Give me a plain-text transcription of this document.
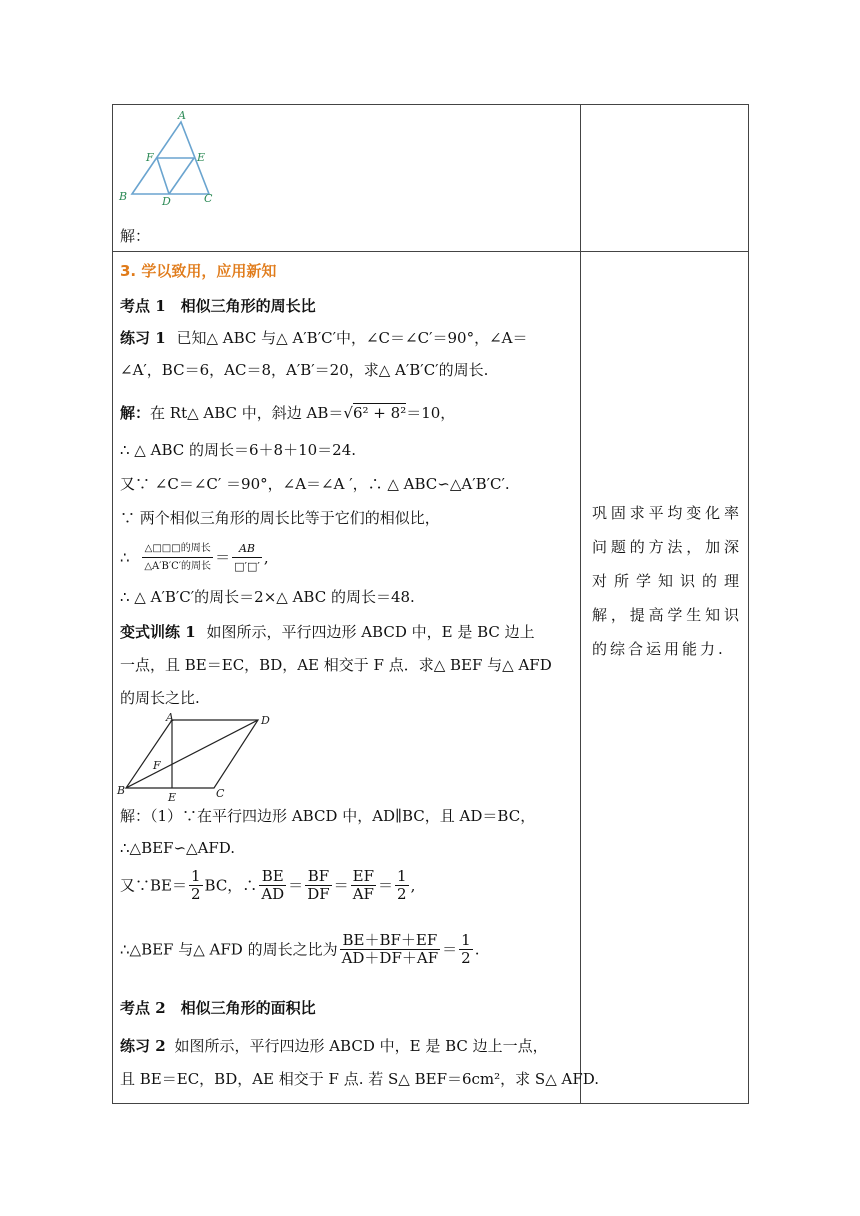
A
F	E
B	D	C
解：
3. 学以致用，应用新知
考点 1　相似三角形的周长比
练习 1 已知△ ABC 与△ A′B′C′中，∠C＝∠C′＝90°，∠A＝
∠A′，BC＝6，AC＝8，A′B′＝20，求△ A′B′C′的周长.
解：在 Rt△ ABC 中，斜边 AB＝√6² + 8²＝10，
∴ △ ABC 的周长＝6＋8＋10＝24.
又∵ ∠C＝∠C′ ＝90°，∠A＝∠A ′，∴ △ ABC∽△A′B′C′.
∵ 两个相似三角形的周长比等于它们的相似比，
∴ $\frac{\text{△□□□的周长}}{\text{△A′B′C′的周长}} = \frac{AB}{□'□'}$ ,
∴ △ A′B′C′的周长＝2×△ ABC 的周长＝48.
变式训练 1 如图所示，平行四边形 ABCD 中，E 是 BC 边上
一点，且 BE＝EC，BD，AE 相交于 F 点．求△ BEF 与△ AFD
的周长之比.
A	D
F
B
E	C
解：（1）∵在平行四边形 ABCD 中，AD∥BC，且 AD＝BC，
∴△BEF∽△AFD.
又∵BE＝ $\frac{1}{2}$ BC，∴ $\frac{BE}{AD} = \frac{BF}{DF} = \frac{EF}{AF} = \frac{1}{2}$ ,
∴△BEF 与△ AFD 的周长之比为 $\frac{BE+BF+EF}{AD+DF+AF} = \frac{1}{2}$ .
考点 2　相似三角形的面积比
练习 2 如图所示，平行四边形 ABCD 中，E 是 BC 边上一点，
且 BE＝EC，BD，AE 相交于 F 点. 若 S△ BEF＝6cm²，求 S△ AFD.
巩固求平均变化率问题的方法，加深对所学知识的理解，提高学生知识的综合运用能力.
